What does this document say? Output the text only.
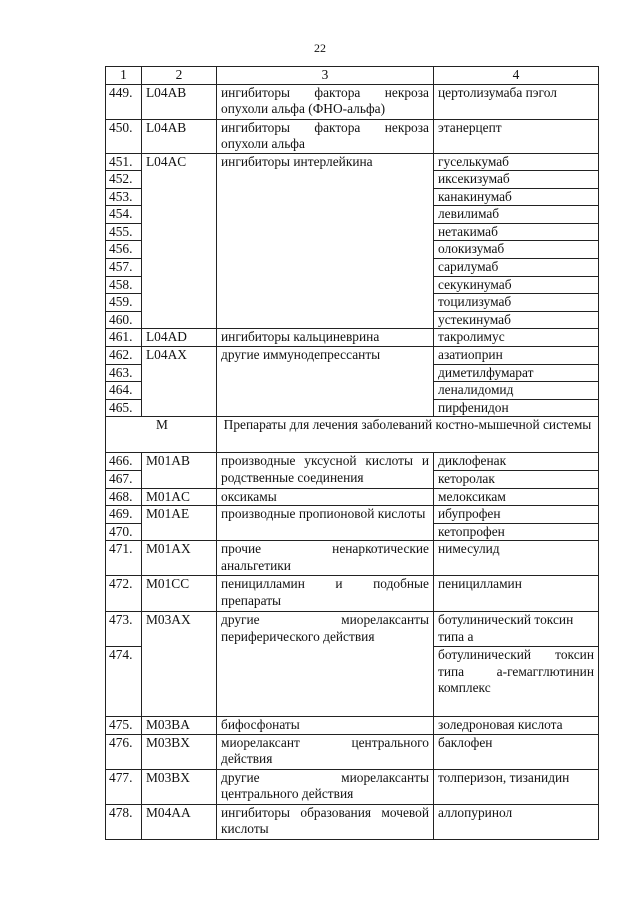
22
1	2	3	4
449.	L04AB	ингибиторы фактора некроза опухоли альфа (ФНО-альфа)	цертолизумаба пэгол
450.	L04AB	ингибиторы фактора некроза опухоли альфа	этанерцепт
451.	L04AC	ингибиторы интерлейкина	гуселькумаб
452.			иксекизумаб
453.			канакинумаб
454.			левилимаб
455.			нетакимаб
456.			олокизумаб
457.			сарилумаб
458.			секукинумаб
459.			тоцилизумаб
460.			устекинумаб
461.	L04AD	ингибиторы кальциневрина	такролимус
462.	L04AX	другие иммунодепрессанты	азатиоприн
463.			диметилфумарат
464.			леналидомид
465.			пирфенидон
M		Препараты для лечения заболеваний костно-мышечной системы	
466.	M01AB	производные уксусной кислоты и родственные соединения	диклофенак
467.			кеторолак
468.	M01AC	оксикамы	мелоксикам
469.	M01AE	производные пропионовой кислоты	ибупрофен
470.			кетопрофен
471.	M01AX	прочие ненаркотические анальгетики	нимесулид
472.	M01CC	пеницилламин и подобные препараты	пеницилламин
473.	M03AX	другие миорелаксанты периферического действия	ботулинический токсин типа а
474.			ботулинический токсин типа а-гемагглютинин комплекс
475.	M03BA	бифосфонаты	золедроновая кислота
476.	M03BX	миорелаксант центрального действия	баклофен
477.	M03BX	другие миорелаксанты центрального действия	толперизон, тизанидин
478.	M04AA	ингибиторы образования мочевой кислоты	аллопуринол
